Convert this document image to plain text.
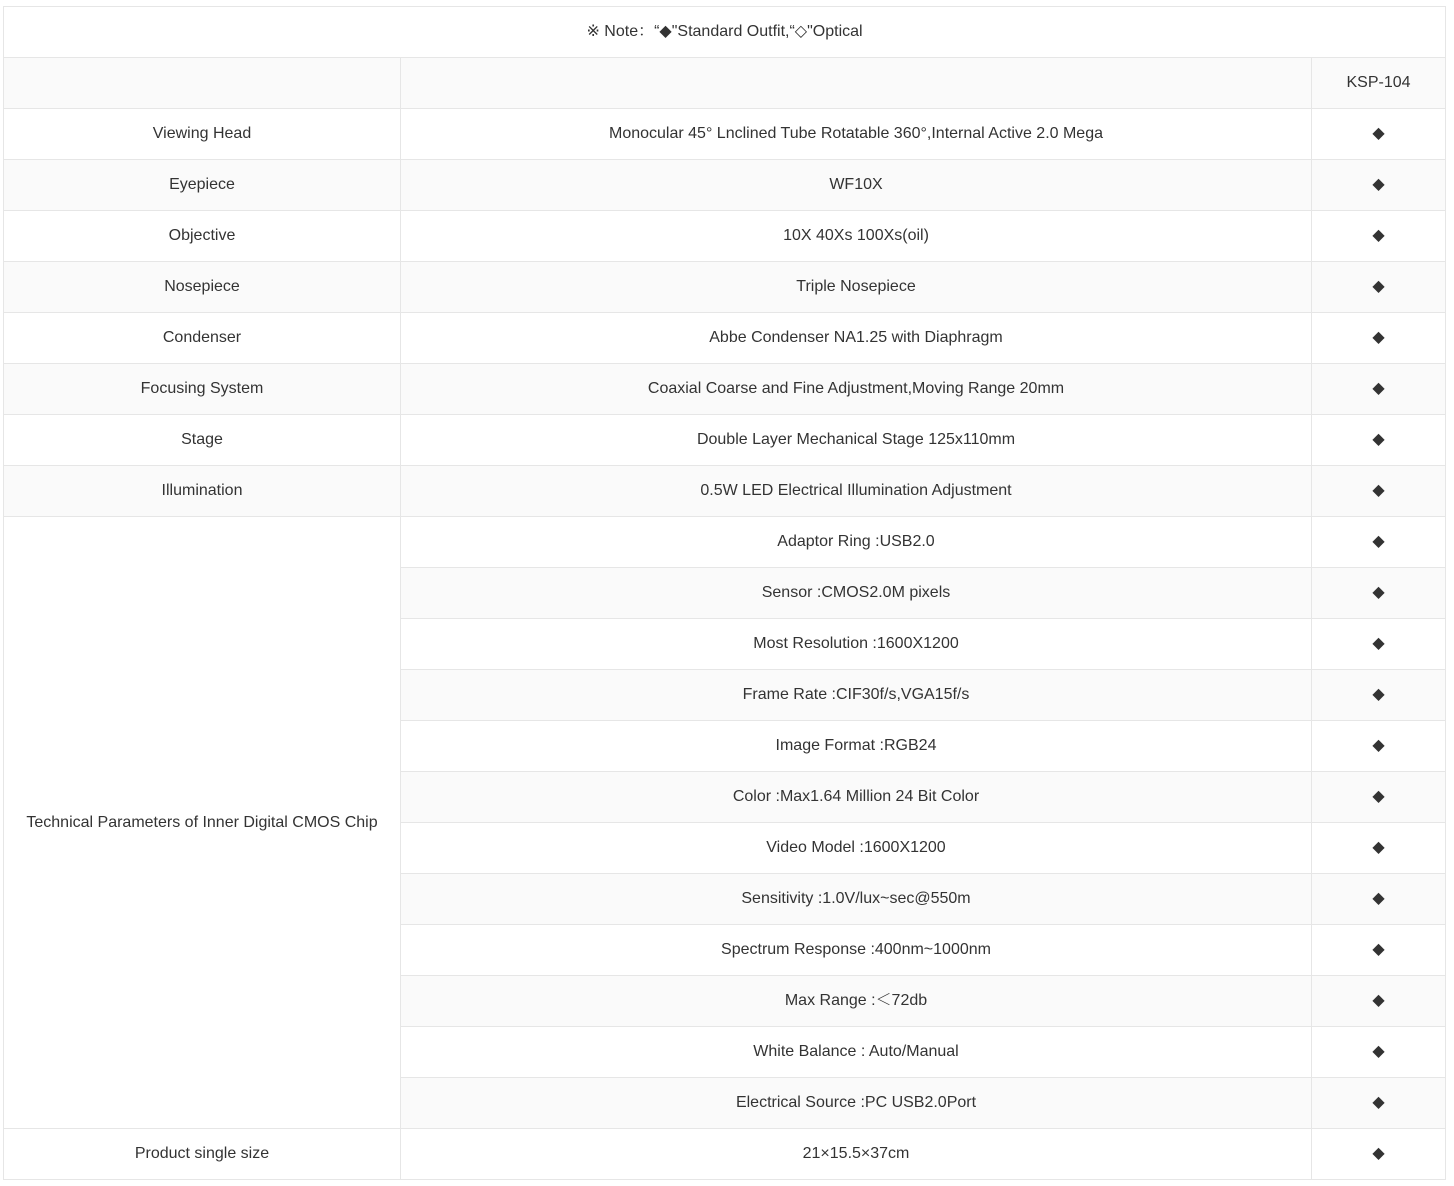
※ Note：“◆"Standard Outfit,“◇"Optical		
		KSP-104
Viewing Head	Monocular 45° Lnclined Tube Rotatable 360°,Internal Active 2.0 Mega	◆
Eyepiece	WF10X	◆
Objective	10X 40Xs 100Xs(oil)	◆
Nosepiece	Triple Nosepiece	◆
Condenser	Abbe Condenser NA1.25 with Diaphragm	◆
Focusing System	Coaxial Coarse and Fine Adjustment,Moving Range 20mm	◆
Stage	Double Layer Mechanical Stage 125x110mm	◆
Illumination	0.5W LED Electrical Illumination Adjustment	◆
Technical Parameters of Inner Digital CMOS Chip	Adaptor Ring :USB2.0	◆
	Sensor :CMOS2.0M pixels	◆
	Most Resolution :1600X1200	◆
	Frame Rate :CIF30f/s,VGA15f/s	◆
	Image Format :RGB24	◆
	Color :Max1.64 Million 24 Bit Color	◆
	Video Model :1600X1200	◆
	Sensitivity :1.0V/lux~sec@550m	◆
	Spectrum Response :400nm~1000nm	◆
	Max Range :＜72db	◆
	White Balance : Auto/Manual	◆
	Electrical Source :PC USB2.0Port	◆
Product single size	21×15.5×37cm	◆
